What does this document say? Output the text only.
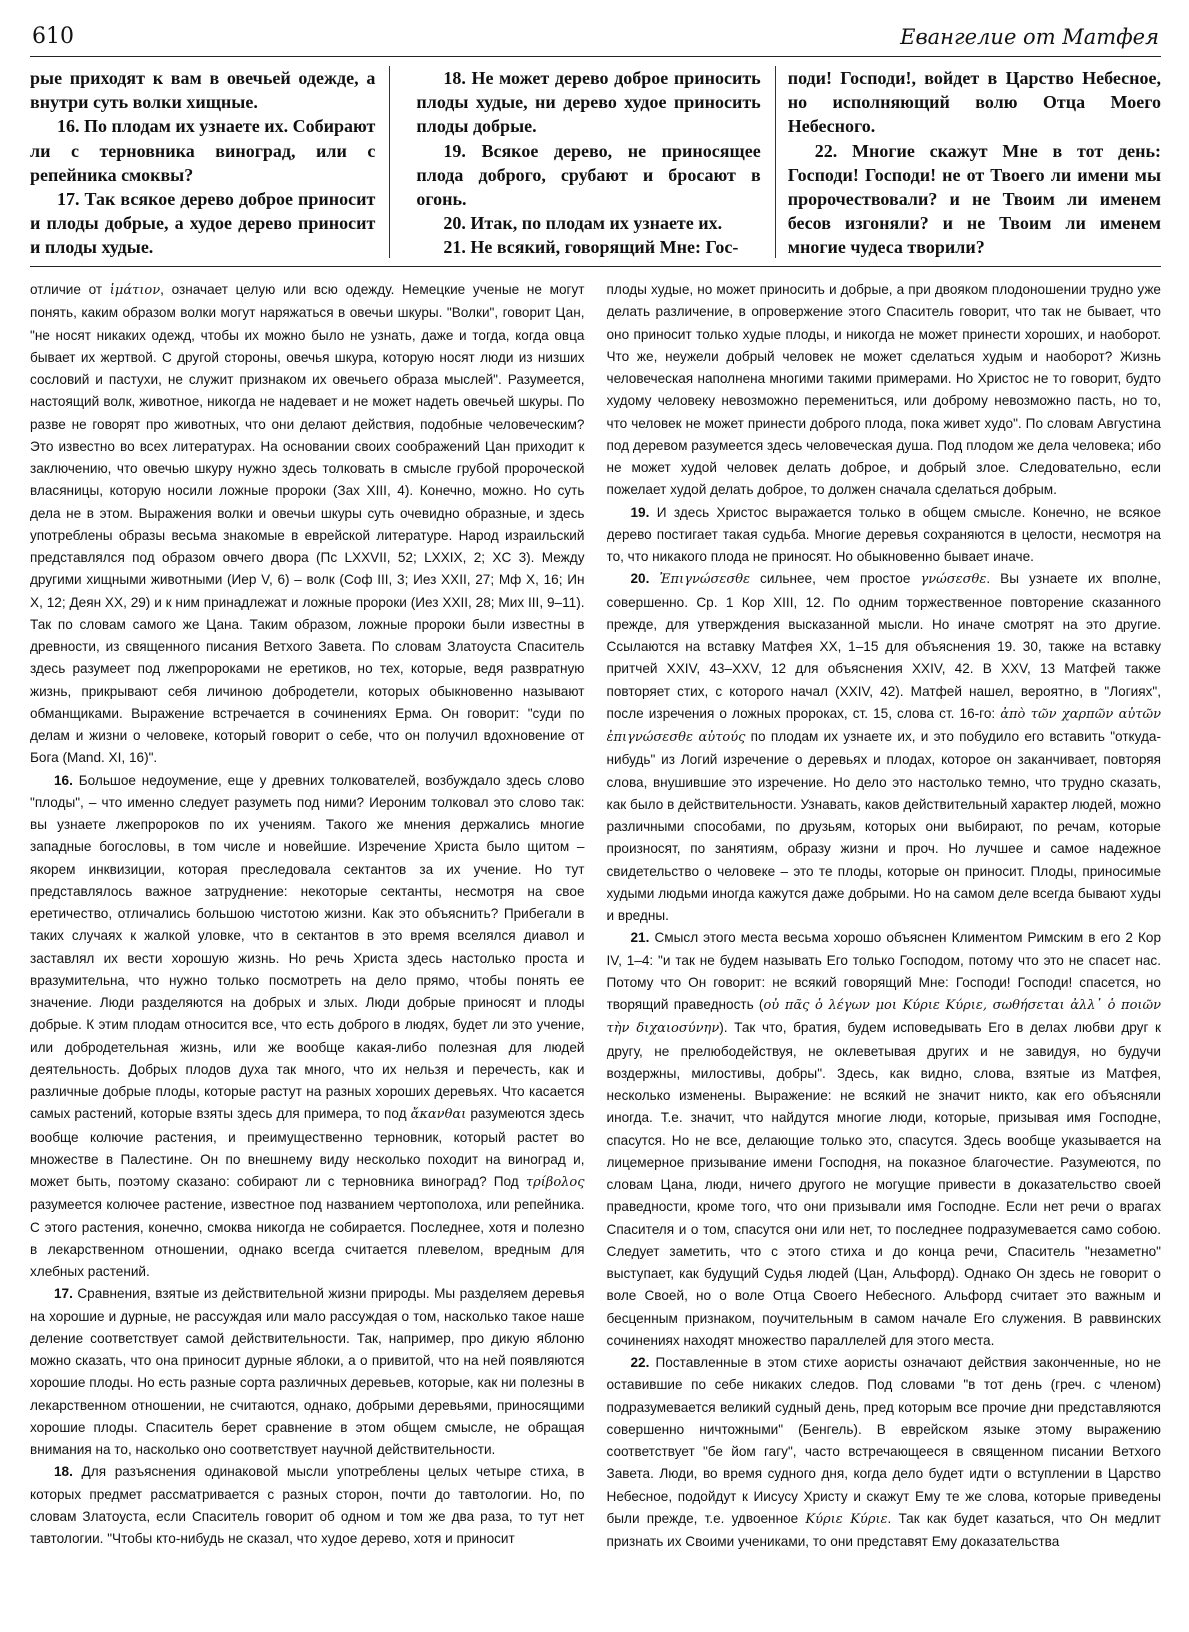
610	Евангелие от Матфея

рые приходят к вам в овечьей одежде, а внутри суть волки хищные.

16. По плодам их узнаете их. Собирают ли с терновника виноград, или с репейника смоквы?

17. Так всякое дерево доброе приносит и плоды добрые, а худое дерево приносит и плоды худые.

18. Не может дерево доброе приносить плоды худые, ни дерево худое приносить плоды добрые.

19. Всякое дерево, не приносящее плода доброго, срубают и бросают в огонь.

20. Итак, по плодам их узнаете их.

21. Не всякий, говорящий Мне: Гос-

поди! Господи!, войдет в Царство Небесное, но исполняющий волю Отца Моего Небесного.

22. Многие скажут Мне в тот день: Господи! Господи! не от Твоего ли имени мы пророчествовали? и не Твоим ли именем бесов изгоняли? и не Твоим ли именем многие чудеса творили?

отличие от ἱμάτιον, означает целую или всю одежду. Немецкие ученые не могут понять, каким образом волки могут наряжаться в овечьи шкуры. "Волки", говорит Цан, "не носят никаких одежд, чтобы их можно было не узнать, даже и тогда, когда овца бывает их жертвой. С другой стороны, овечья шкура, которую носят люди из низших сословий и пастухи, не служит признаком их овечьего образа мыслей". Разумеется, настоящий волк, животное, никогда не надевает и не может надеть овечьей шкуры. По разве не говорят про животных, что они делают действия, подобные человеческим? Это известно во всех литературах. На основании своих соображений Цан приходит к заключению, что овечью шкуру нужно здесь толковать в смысле грубой пророческой власяницы, которую носили ложные пророки (Зах XIII, 4). Конечно, можно. Но суть дела не в этом. Выражения волки и овечьи шкуры суть очевидно образные, и здесь употреблены образы весьма знакомые в еврейской литературе. Народ израильский представлялся под образом овчего двора (Пс LXXVII, 52; LXXIX, 2; XC 3). Между другими хищными животными (Иер V, 6) – волк (Соф III, 3; Иез XXII, 27; Мф X, 16; Ин X, 12; Деян XX, 29) и к ним принадлежат и ложные пророки (Иез XXII, 28; Мих III, 9–11). Так по словам самого же Цана. Таким образом, ложные пророки были известны в древности, из священного писания Ветхого Завета. По словам Златоуста Спаситель здесь разумеет под лжепророками не еретиков, но тех, которые, ведя развратную жизнь, прикрывают себя личиною добродетели, которых обыкновенно называют обманщиками. Выражение встречается в сочинениях Ерма. Он говорит: "суди по делам и жизни о человеке, который говорит о себе, что он получил вдохновение от Бога (Mand. XI, 16)".

16. Большое недоумение, еще у древних толкователей, возбуждало здесь слово "плоды", – что именно следует разуметь под ними? Иероним толковал это слово так: вы узнаете лжепророков по их учениям. Такого же мнения держались многие западные богословы, в том числе и новейшие. Изречение Христа было щитом – якорем инквизиции, которая преследовала сектантов за их учение. Но тут представлялось важное затруднение: некоторые сектанты, несмотря на свое еретичество, отличались большою чистотою жизни. Как это объяснить? Прибегали в таких случаях к жалкой уловке, что в сектантов в это время вселялся диавол и заставлял их вести хорошую жизнь. Но речь Христа здесь настолько проста и вразумительна, что нужно только посмотреть на дело прямо, чтобы понять ее значение. Люди разделяются на добрых и злых. Люди добрые приносят и плоды добрые. К этим плодам относится все, что есть доброго в людях, будет ли это учение, или добродетельная жизнь, или же вообще какая-либо полезная для людей деятельность. Добрых плодов духа так много, что их нельзя и перечесть, как и различные добрые плоды, которые растут на разных хороших деревьях. Что касается самых растений, которые взяты здесь для примера, то под ἄκανθαι разумеются здесь вообще колючие растения, и преимущественно терновник, который растет во множестве в Палестине. Он по внешнему виду несколько походит на виноград и, может быть, поэтому сказано: собирают ли с терновника виноград? Под τρίβολος разумеется колючее растение, известное под названием чертополоха, или репейника. С этого растения, конечно, смоква никогда не собирается. Последнее, хотя и полезно в лекарственном отношении, однако всегда считается плевелом, вредным для хлебных растений.

17. Сравнения, взятые из действительной жизни природы. Мы разделяем деревья на хорошие и дурные, не рассуждая или мало рассуждая о том, насколько такое наше деление соответствует самой действительности. Так, например, про дикую яблоню можно сказать, что она приносит дурные яблоки, а о привитой, что на ней появляются хорошие плоды. Но есть разные сорта различных деревьев, которые, как ни полезны в лекарственном отношении, не считаются, однако, добрыми деревьями, приносящими хорошие плоды. Спаситель берет сравнение в этом общем смысле, не обращая внимания на то, насколько оно соответствует научной действительности.

18. Для разъяснения одинаковой мысли употреблены целых четыре стиха, в которых предмет рассматривается с разных сторон, почти до тавтологии. Но, по словам Златоуста, если Спаситель говорит об одном и том же два раза, то тут нет тавтологии. "Чтобы кто-нибудь не сказал, что худое дерево, хотя и приносит

плоды худые, но может приносить и добрые, а при двояком плодоношении трудно уже делать различение, в опровержение этого Спаситель говорит, что так не бывает, что оно приносит только худые плоды, и никогда не может принести хороших, и наоборот. Что же, неужели добрый человек не может сделаться худым и наоборот? Жизнь человеческая наполнена многими такими примерами. Но Христос не то говорит, будто худому человеку невозможно перемениться, или доброму невозможно пасть, но то, что человек не может принести доброго плода, пока живет худо". По словам Августина под деревом разумеется здесь человеческая душа. Под плодом же дела человека; ибо не может худой человек делать доброе, и добрый злое. Следовательно, если пожелает худой делать доброе, то должен сначала сделаться добрым.

19. И здесь Христос выражается только в общем смысле. Конечно, не всякое дерево постигает такая судьба. Многие деревья сохраняются в целости, несмотря на то, что никакого плода не приносят. Но обыкновенно бывает иначе.

20. Ἐπιγνώσεσθε сильнее, чем простое γνώσεσθε. Вы узнаете их вполне, совершенно. Ср. 1 Кор XIII, 12. По одним торжественное повторение сказанного прежде, для утверждения высказанной мысли. Но иначе смотрят на это другие. Ссылаются на вставку Матфея XX, 1–15 для объяснения 19. 30, также на вставку притчей XXIV, 43–XXV, 12 для объяснения XXIV, 42. В XXV, 13 Матфей также повторяет стих, с которого начал (XXIV, 42). Матфей нашел, вероятно, в "Логиях", после изречения о ложных пророках, ст. 15, слова ст. 16-го: ἀπὸ τῶν χαρπῶν αὐτῶν ἐπιγνώσεσθε αὐτούς по плодам их узнаете их, и это побудило его вставить "откуда-нибудь" из Логий изречение о деревьях и плодах, которое он заканчивает, повторяя слова, внушившие это изречение. Но дело это настолько темно, что трудно сказать, как было в действительности. Узнавать, каков действительный характер людей, можно различными способами, по друзьям, которых они выбирают, по речам, которые произносят, по занятиям, образу жизни и проч. Но лучшее и самое надежное свидетельство о человеке – это те плоды, которые он приносит. Плоды, приносимые худыми людьми иногда кажутся даже добрыми. Но на самом деле всегда бывают худы и вредны.

21. Смысл этого места весьма хорошо объяснен Климентом Римским в его 2 Кор IV, 1–4: "и так не будем называть Его только Господом, потому что это не спасет нас. Потому что Он говорит: не всякий говорящий Мне: Господи! Господи! спасется, но творящий праведность (οὐ πᾶς ὁ λέγων μοι Κύριε Κύριε, σωθήσεται ἀλλ᾽ ὁ ποιῶν τὴν διχαιοσύνην). Так что, братия, будем исповедывать Его в делах любви друг к другу, не прелюбодействуя, не оклеветывая других и не завидуя, но будучи воздержны, милостивы, добры". Здесь, как видно, слова, взятые из Матфея, несколько изменены. Выражение: не всякий не значит никто, как его объясняли иногда. Т.е. значит, что найдутся многие люди, которые, призывая имя Господне, спасутся. Но не все, делающие только это, спасутся. Здесь вообще указывается на лицемерное призывание имени Господня, на показное благочестие. Разумеются, по словам Цана, люди, ничего другого не могущие привести в доказательство своей праведности, кроме того, что они призывали имя Господне. Если нет речи о врагах Спасителя и о том, спасутся они или нет, то последнее подразумевается само собою. Следует заметить, что с этого стиха и до конца речи, Спаситель "незаметно" выступает, как будущий Судья людей (Цан, Альфорд). Однако Он здесь не говорит о воле Своей, но о воле Отца Своего Небесного. Альфорд считает это важным и бесценным признаком, поучительным в самом начале Его служения. В раввинских сочинениях находят множество параллелей для этого места.

22. Поставленные в этом стихе аористы означают действия законченные, но не оставившие по себе никаких следов. Под словами "в тот день (греч. с членом) подразумевается великий судный день, пред которым все прочие дни представляются совершенно ничтожными" (Бенгель). В еврейском языке этому выражению соответствует "бе йом гагу", часто встречающееся в священном писании Ветхого Завета. Люди, во время судного дня, когда дело будет идти о вступлении в Царство Небесное, подойдут к Иисусу Христу и скажут Ему те же слова, которые приведены были прежде, т.е. удвоенное Κύριε Κύριε. Так как будет казаться, что Он медлит признать их Своими учениками, то они представят Ему доказательства
